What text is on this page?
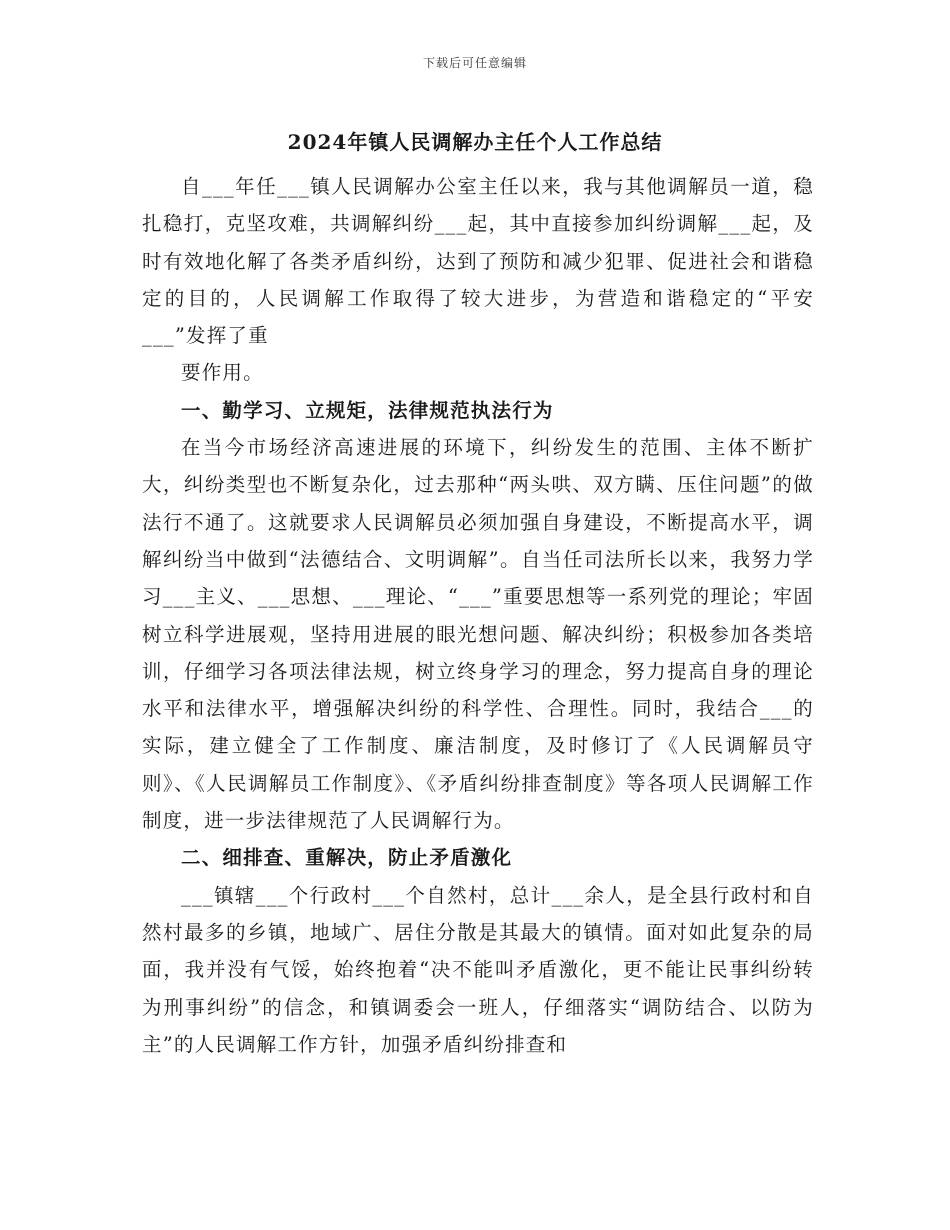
下载后可任意编辑
2024年镇人民调解办主任个人工作总结

自___年任___镇人民调解办公室主任以来，我与其他调解员一道，稳扎稳打，克坚攻难，共调解纠纷___起，其中直接参加纠纷调解___起，及时有效地化解了各类矛盾纠纷，达到了预防和减少犯罪、促进社会和谐稳定的目的，人民调解工作取得了较大进步，为营造和谐稳定的“平安___”发挥了重

要作用。

一、勤学习、立规矩，法律规范执法行为

在当今市场经济高速进展的环境下，纠纷发生的范围、主体不断扩大，纠纷类型也不断复杂化，过去那种“两头哄、双方瞒、压住问题”的做法行不通了。这就要求人民调解员必须加强自身建设，不断提高水平，调解纠纷当中做到“法德结合、文明调解”。自当任司法所长以来，我努力学习___主义、___思想、___理论、“___”重要思想等一系列党的理论；牢固树立科学进展观，坚持用进展的眼光想问题、解决纠纷；积极参加各类培训，仔细学习各项法律法规，树立终身学习的理念，努力提高自身的理论水平和法律水平，增强解决纠纷的科学性、合理性。同时，我结合___的实际，建立健全了工作制度、廉洁制度，及时修订了《人民调解员守则》、《人民调解员工作制度》、《矛盾纠纷排查制度》等各项人民调解工作制度，进一步法律规范了人民调解行为。

二、细排查、重解决，防止矛盾激化

___镇辖___个行政村___个自然村，总计___余人，是全县行政村和自然村最多的乡镇，地域广、居住分散是其最大的镇情。面对如此复杂的局面，我并没有气馁，始终抱着“决不能叫矛盾激化，更不能让民事纠纷转为刑事纠纷”的信念，和镇调委会一班人，仔细落实“调防结合、以防为主”的人民调解工作方针，加强矛盾纠纷排查和
